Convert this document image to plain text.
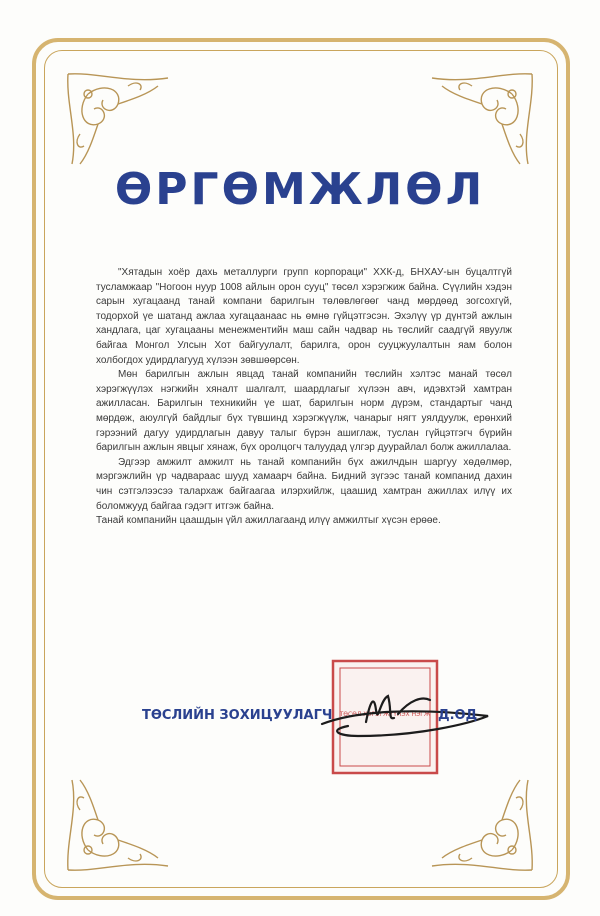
ӨРГӨМЖЛӨЛ

"Хятадын хоёр дахь металлурги групп корпораци" ХХК-д, БНХАУ-ын буцалтгүй тусламжаар "Ногоон нуур 1008 айлын орон сууц" төсөл хэрэгжиж байна. Сүүлийн хэдэн сарын хугацаанд танай компани барилгын төлөвлөгөөг чанд мөрдөөд зогсохгүй, тодорхой үе шатанд ажлаа хугацаанаас нь өмнө гүйцэтгэсэн. Эхэлүү үр дүнтэй ажлын хандлага, цаг хугацааны менежментийн маш сайн чадвар нь төслийг саадгүй явуулж байгаа Монгол Улсын Хот байгуулалт, барилга, орон сууцжуулалтын яам болон холбогдох удирдлагууд хүлээн зөвшөөрсөн.

Мөн барилгын ажлын явцад танай компанийн төслийн хэлтэс манай төсөл хэрэгжүүлэх нэгжийн хяналт шалгалт, шаардлагыг хүлээн авч, идэвхтэй хамтран ажилласан. Барилгын техникийн үе шат, барилгын норм дүрэм, стандартыг чанд мөрдөж, аюулгүй байдлыг бүх түвшинд хэрэгжүүлж, чанарыг нягт уялдуулж, ерөнхий гэрээний дагуу удирдлагын давуу талыг бүрэн ашиглаж, туслан гүйцэтгэгч бүрийн барилгын ажлын явцыг хянаж, бүх оролцогч талуудад үлгэр дуурайлал болж ажиллалаа.

Эдгээр амжилт амжилт нь танай компанийн бүх ажилчдын шаргуу хөдөлмөр, мэргэжлийн үр чадвараас шууд хамаарч байна. Бидний зүгээс танай компанид дахин чин сэтгэлээсээ талархаж байгаагаа илэрхийлж, цаашид хамтран ажиллах илүү их боломжууд байгаа гэдэгт итгэж байна.

Танай компанийн цаашдын үйл ажиллагаанд илүү амжилтыг хүсэн ерөөе.

ТӨСӨЛ ХЭРЭГЖҮҮЛЭХ НЭГЖ

ТӨСЛИЙН ЗОХИЦУУЛАГЧ	Д.ОД
